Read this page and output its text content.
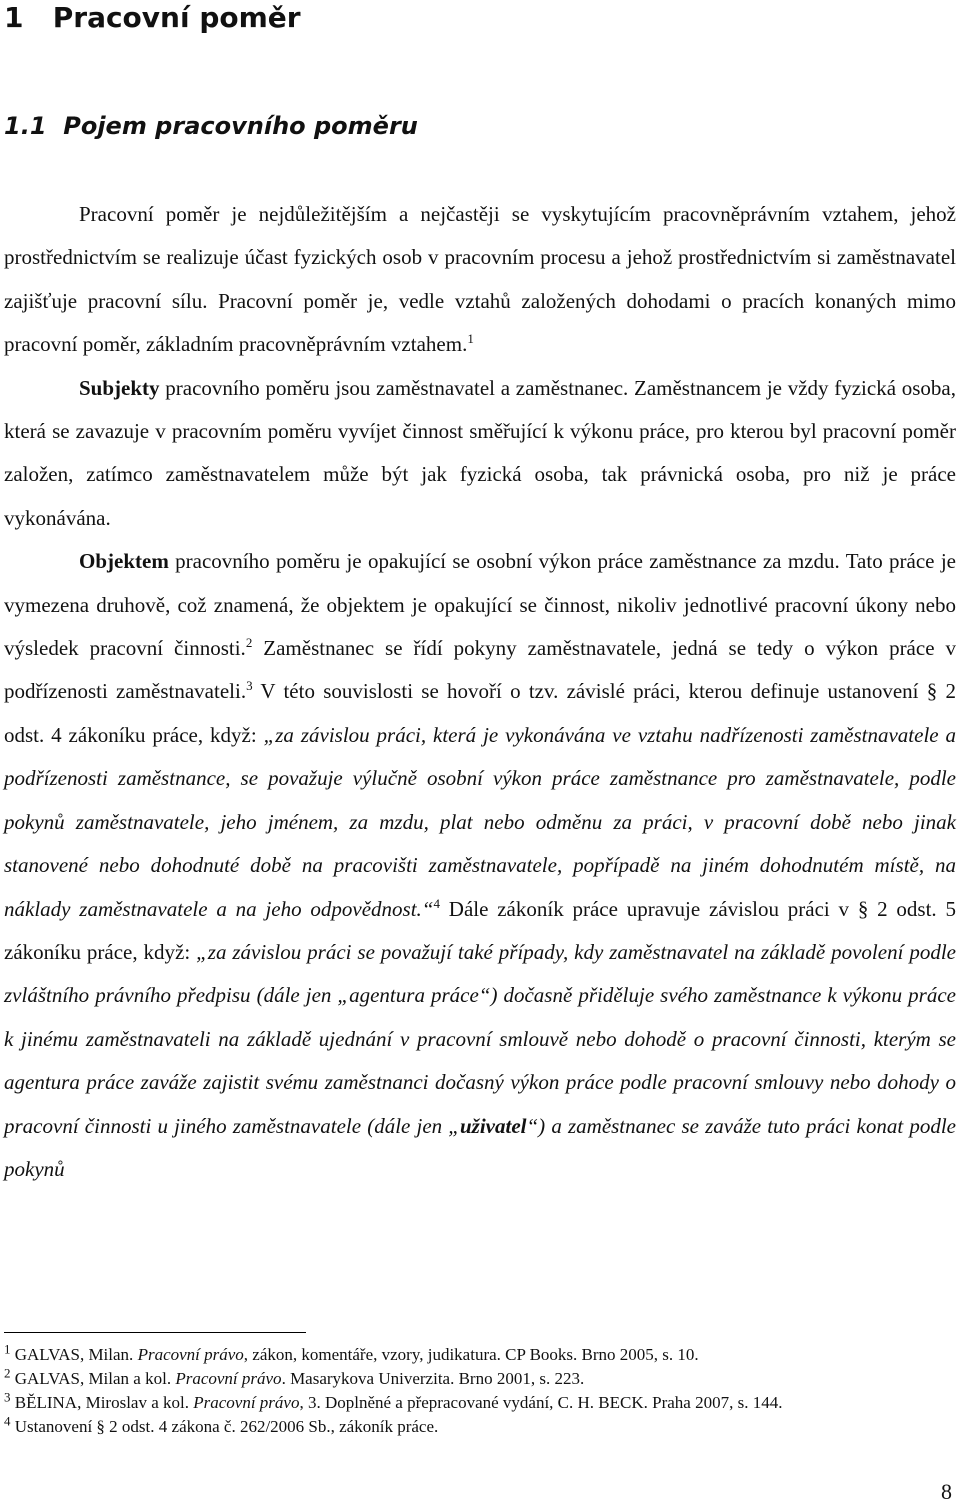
1 Pracovní poměr
1.1 Pojem pracovního poměru

Pracovní poměr je nejdůležitějším a nejčastěji se vyskytujícím pracovněprávním vztahem, jehož prostřednictvím se realizuje účast fyzických osob v pracovním procesu a jehož prostřednictvím si zaměstnavatel zajišťuje pracovní sílu. Pracovní poměr je, vedle vztahů založených dohodami o pracích konaných mimo pracovní poměr, základním pracovněprávním vztahem.$^1$

Subjekty pracovního poměru jsou zaměstnavatel a zaměstnanec. Zaměstnancem je vždy fyzická osoba, která se zavazuje v pracovním poměru vyvíjet činnost směřující k výkonu práce, pro kterou byl pracovní poměr založen, zatímco zaměstnavatelem může být jak fyzická osoba, tak právnická osoba, pro niž je práce vykonávána.

Objektem pracovního poměru je opakující se osobní výkon práce zaměstnance za mzdu. Tato práce je vymezena druhově, což znamená, že objektem je opakující se činnost, nikoliv jednotlivé pracovní úkony nebo výsledek pracovní činnosti.$^2$ Zaměstnanec se řídí pokyny zaměstnavatele, jedná se tedy o výkon práce v podřízenosti zaměstnavateli.$^3$ V této souvislosti se hovoří o tzv. závislé práci, kterou definuje ustanovení § 2 odst. 4 zákoníku práce, když: „za závislou práci, která je vykonávána ve vztahu nadřízenosti zaměstnavatele a podřízenosti zaměstnance, se považuje výlučně osobní výkon práce zaměstnance pro zaměstnavatele, podle pokynů zaměstnavatele, jeho jménem, za mzdu, plat nebo odměnu za práci, v pracovní době nebo jinak stanovené nebo dohodnuté době na pracovišti zaměstnavatele, popřípadě na jiném dohodnutém místě, na náklady zaměstnavatele a na jeho odpovědnost.“$^4$ Dále zákoník práce upravuje závislou práci v § 2 odst. 5 zákoníku práce, když: „za závislou práci se považují také případy, kdy zaměstnavatel na základě povolení podle zvláštního právního předpisu (dále jen „agentura práce“) dočasně přiděluje svého zaměstnance k výkonu práce k jinému zaměstnavateli na základě ujednání v pracovní smlouvě nebo dohodě o pracovní činnosti, kterým se agentura práce zaváže zajistit svému zaměstnanci dočasný výkon práce podle pracovní smlouvy nebo dohody o pracovní činnosti u jiného zaměstnavatele (dále jen „uživatel“) a zaměstnanec se zaváže tuto práci konat podle pokynů

$^1$ GALVAS, Milan. Pracovní právo, zákon, komentáře, vzory, judikatura. CP Books. Brno 2005, s. 10.

$^2$ GALVAS, Milan a kol. Pracovní právo. Masarykova Univerzita. Brno 2001, s. 223.

$^3$ BĚLINA, Miroslav a kol. Pracovní právo, 3. Doplněné a přepracované vydání, C. H. BECK. Praha 2007, s. 144.

$^4$ Ustanovení § 2 odst. 4 zákona č. 262/2006 Sb., zákoník práce.

8
